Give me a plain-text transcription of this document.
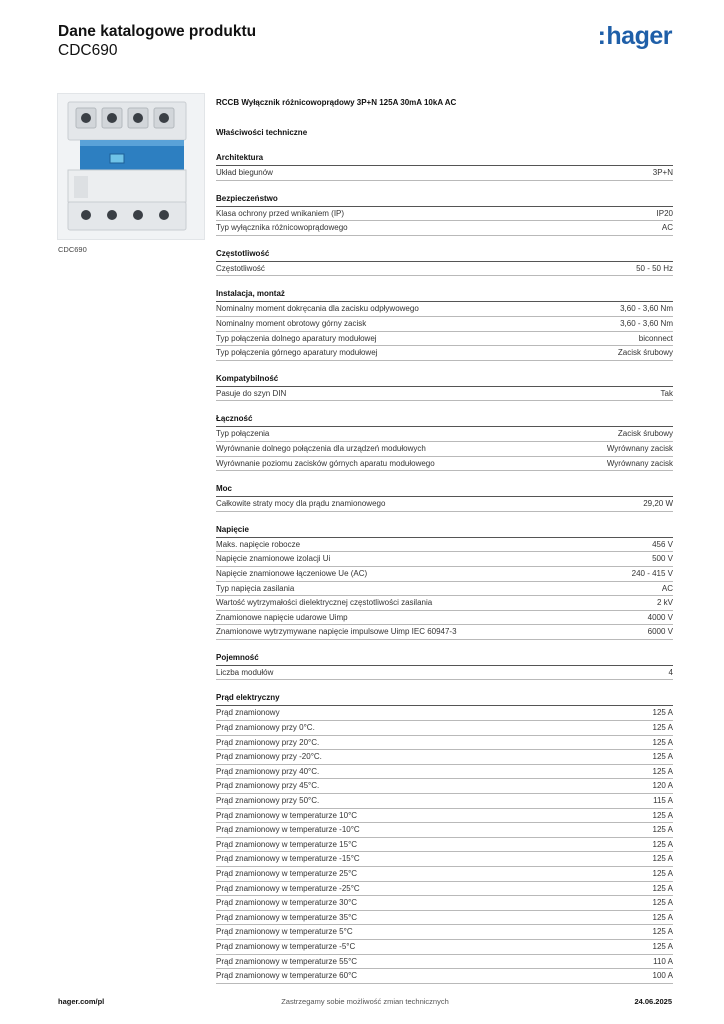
Dane katalogowe produktu
CDC690
:hager
CDC690
RCCB Wyłącznik różnicowoprądowy 3P+N 125A 30mA 10kA AC
Właściwości techniczne
Architektura
Układ biegunów	3P+N
Bezpieczeństwo
Klasa ochrony przed wnikaniem (IP)	IP20
Typ wyłącznika różnicowoprądowego	AC
Częstotliwość
Częstotliwość	50 - 50 Hz
Instalacja, montaż
Nominalny moment dokręcania dla zacisku odpływowego	3,60 - 3,60 Nm
Nominalny moment obrotowy górny zacisk	3,60 - 3,60 Nm
Typ połączenia dolnego aparatury modułowej	biconnect
Typ połączenia górnego aparatury modułowej	Zacisk śrubowy
Kompatybilność
Pasuje do szyn DIN	Tak
Łączność
Typ połączenia	Zacisk śrubowy
Wyrównanie dolnego połączenia dla urządzeń modułowych	Wyrównany zacisk
Wyrównanie poziomu zacisków górnych aparatu modułowego	Wyrównany zacisk
Moc
Całkowite straty mocy dla prądu znamionowego	29,20 W
Napięcie
Maks. napięcie robocze	456 V
Napięcie znamionowe izolacji Ui	500 V
Napięcie znamionowe łączeniowe Ue (AC)	240 - 415 V
Typ napięcia zasilania	AC
Wartość wytrzymałości dielektrycznej częstotliwości zasilania	2 kV
Znamionowe napięcie udarowe Uimp	4000 V
Znamionowe wytrzymywane napięcie impulsowe Uimp IEC 60947-3	6000 V
Pojemność
Liczba modułów	4
Prąd elektryczny
Prąd znamionowy	125 A
Prąd znamionowy przy 0°C.	125 A
Prąd znamionowy przy 20°C.	125 A
Prąd znamionowy przy -20°C.	125 A
Prąd znamionowy przy 40°C.	125 A
Prąd znamionowy przy 45°C.	120 A
Prąd znamionowy przy 50°C.	115 A
Prąd znamionowy w temperaturze 10°C	125 A
Prąd znamionowy w temperaturze -10°C	125 A
Prąd znamionowy w temperaturze 15°C	125 A
Prąd znamionowy w temperaturze -15°C	125 A
Prąd znamionowy w temperaturze 25°C	125 A
Prąd znamionowy w temperaturze -25°C	125 A
Prąd znamionowy w temperaturze 30°C	125 A
Prąd znamionowy w temperaturze 35°C	125 A
Prąd znamionowy w temperaturze 5°C	125 A
Prąd znamionowy w temperaturze -5°C	125 A
Prąd znamionowy w temperaturze 55°C	110 A
Prąd znamionowy w temperaturze 60°C	100 A
hager.com/pl	Zastrzegamy sobie możliwość zmian technicznych	24.06.2025
